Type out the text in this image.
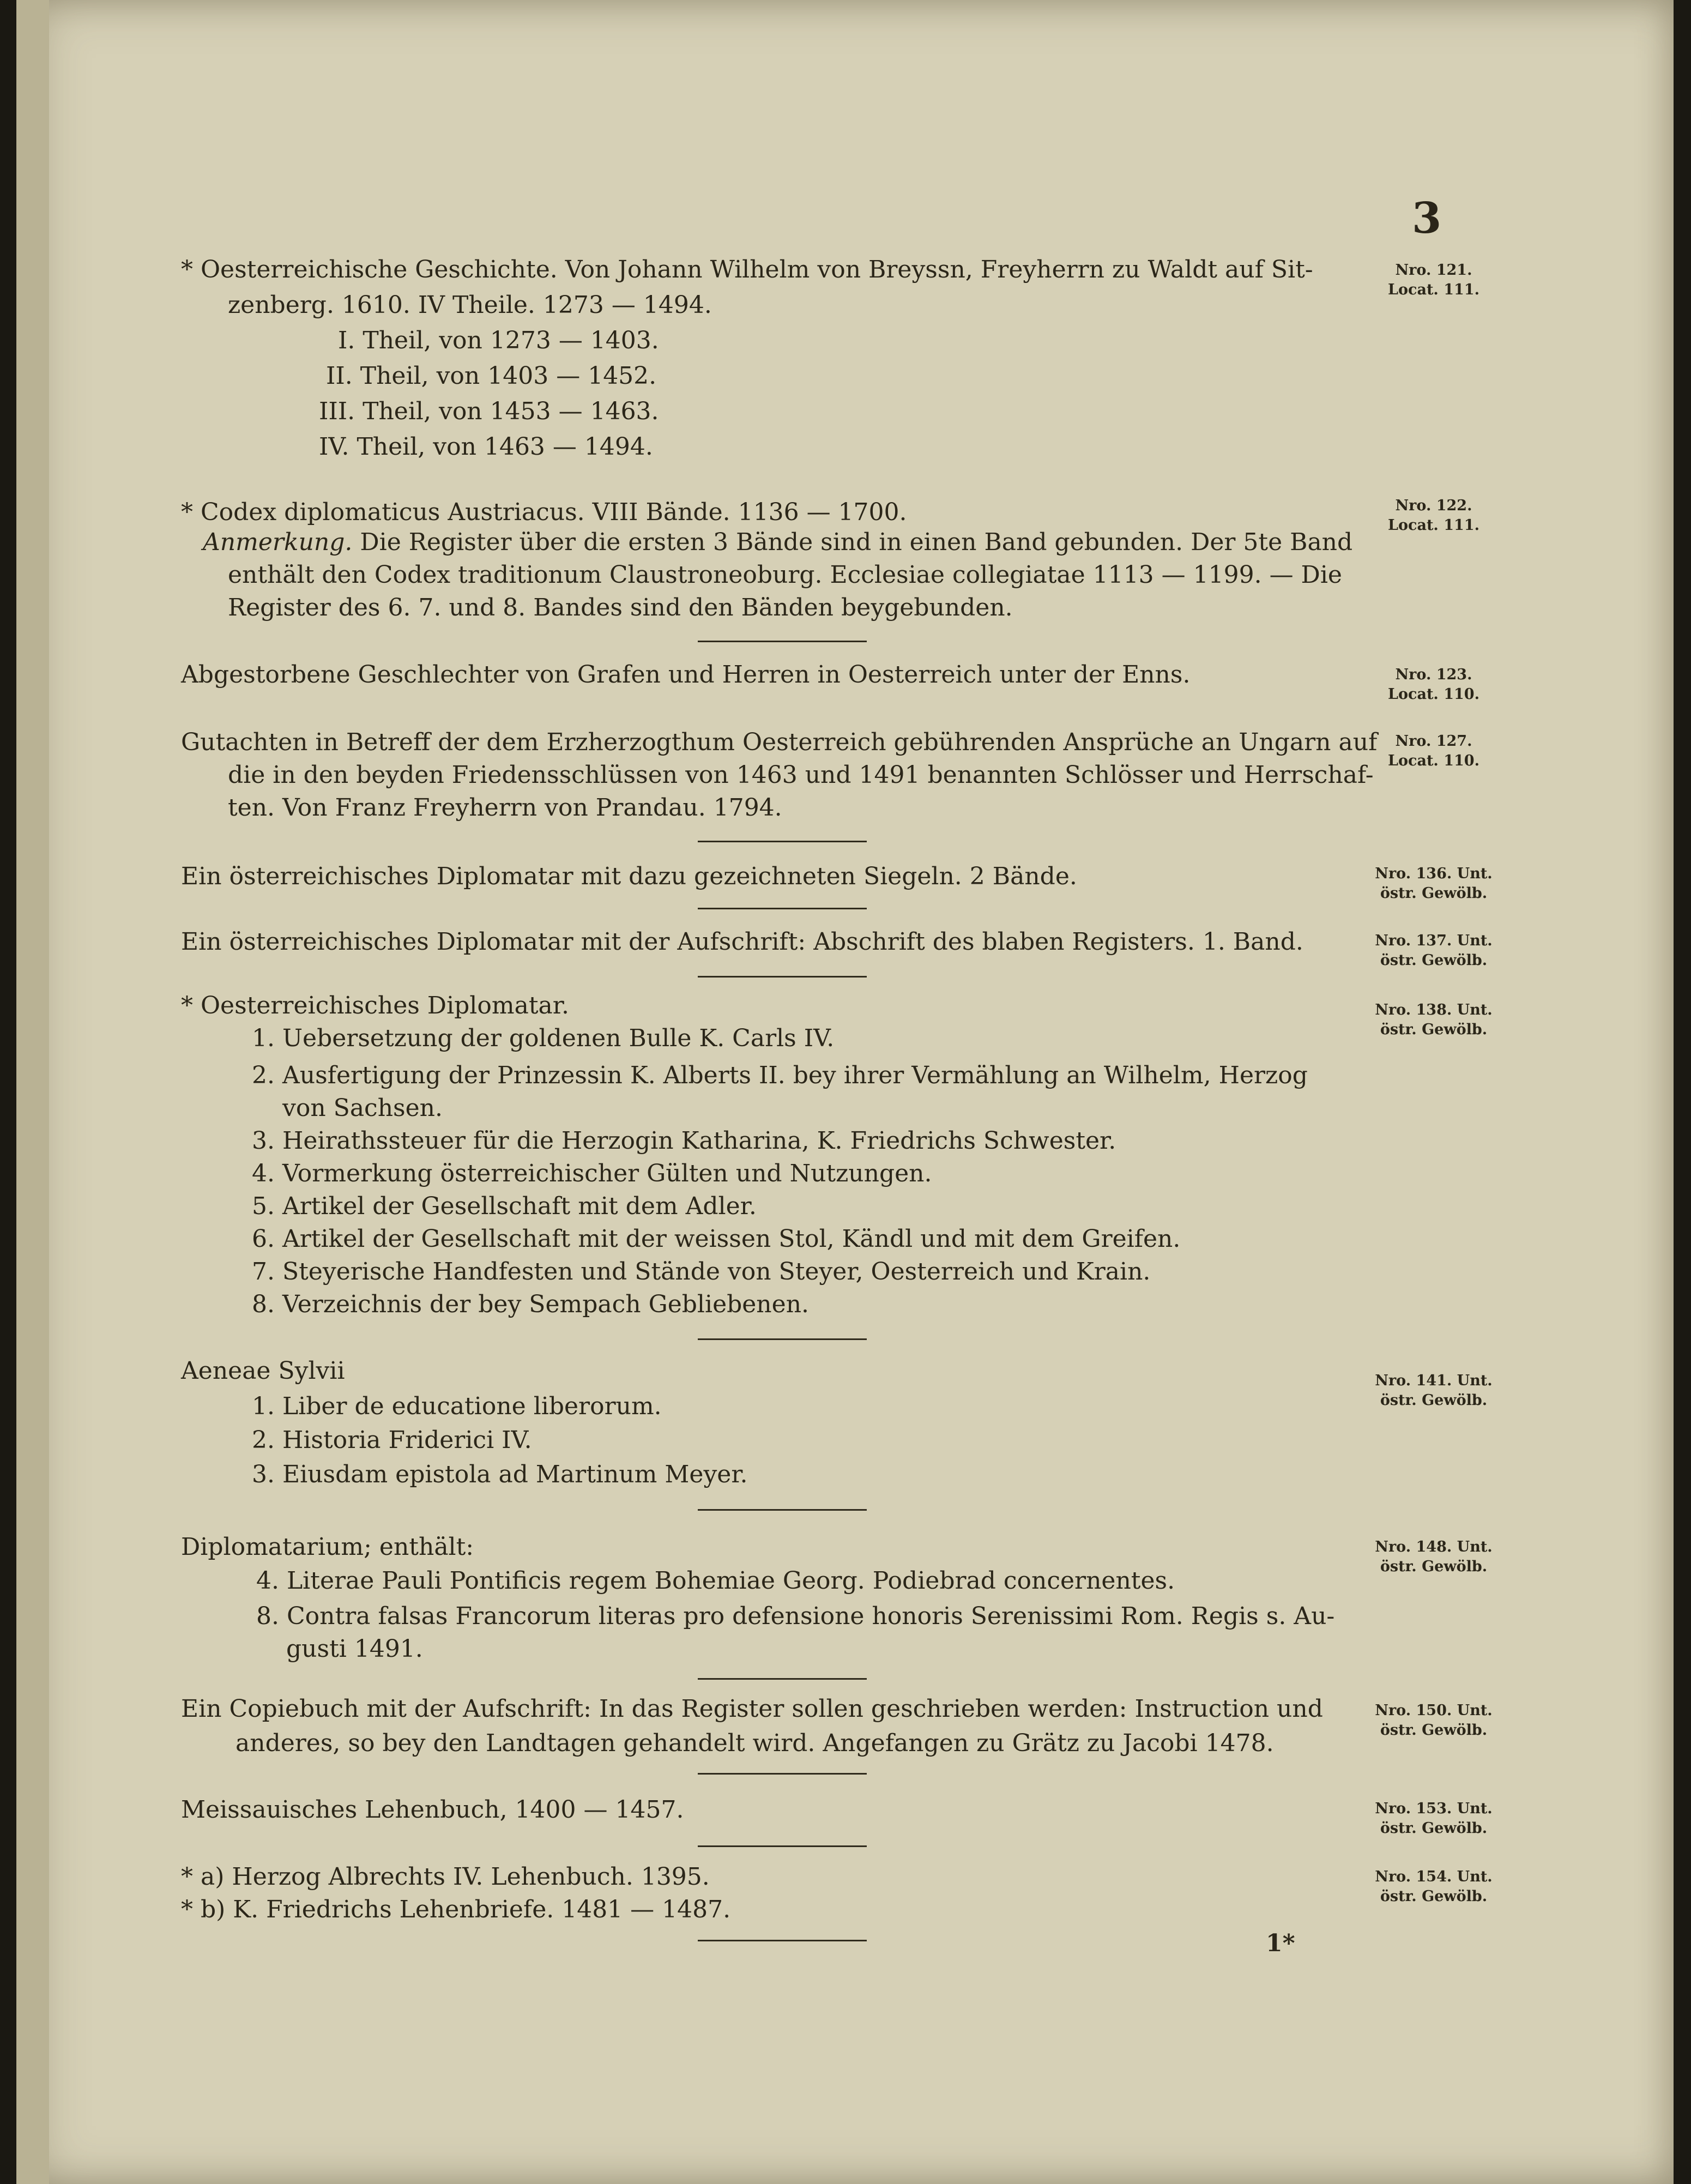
3
* Oesterreichische Geschichte. Von Johann Wilhelm von Breyssn, Freyherrn zu Waldt auf Sit-
zenberg. 1610. IV Theile. 1273 — 1494.
I. Theil, von 1273 — 1403.
II. Theil, von 1403 — 1452.
III. Theil, von 1453 — 1463.
IV. Theil, von 1463 — 1494.
Nro. 121.
Locat. 111.
* Codex diplomaticus Austriacus. VIII Bände. 1136 — 1700.
Anmerkung. Die Register über die ersten 3 Bände sind in einen Band gebunden. Der 5te Band
enthält den Codex traditionum Claustroneoburg. Ecclesiae collegiatae 1113 — 1199. — Die
Register des 6. 7. und 8. Bandes sind den Bänden beygebunden.
Nro. 122.
Locat. 111.
Abgestorbene Geschlechter von Grafen und Herren in Oesterreich unter der Enns.	Nro. 123.
Locat. 110.
Gutachten in Betreff der dem Erzherzogthum Oesterreich gebührenden Ansprüche an Ungarn auf
die in den beyden Friedensschlüssen von 1463 und 1491 benannten Schlösser und Herrschaf-
ten. Von Franz Freyherrn von Prandau. 1794.
Nro. 127.
Locat. 110.
Ein österreichisches Diplomatar mit dazu gezeichneten Siegeln. 2 Bände.	Nro. 136. Unt.
östr. Gewölb.
Ein österreichisches Diplomatar mit der Aufschrift: Abschrift des blaben Registers. 1. Band.	Nro. 137. Unt.
östr. Gewölb.
* Oesterreichisches Diplomatar.
1. Uebersetzung der goldenen Bulle K. Carls IV.
2. Ausfertigung der Prinzessin K. Alberts II. bey ihrer Vermählung an Wilhelm, Herzog
von Sachsen.
3. Heirathssteuer für die Herzogin Katharina, K. Friedrichs Schwester.
4. Vormerkung österreichischer Gülten und Nutzungen.
5. Artikel der Gesellschaft mit dem Adler.
6. Artikel der Gesellschaft mit der weissen Stol, Kändl und mit dem Greifen.
7. Steyerische Handfesten und Stände von Steyer, Oesterreich und Krain.
8. Verzeichnis der bey Sempach Gebliebenen.
Nro. 138. Unt.
östr. Gewölb.
Aeneae Sylvii
1. Liber de educatione liberorum.
2. Historia Friderici IV.
3. Eiusdam epistola ad Martinum Meyer.
Nro. 141. Unt.
östr. Gewölb.
Diplomatarium; enthält:
4. Literae Pauli Pontificis regem Bohemiae Georg. Podiebrad concernentes.
8. Contra falsas Francorum literas pro defensione honoris Serenissimi Rom. Regis s. Au-
gusti 1491.
Nro. 148. Unt.
östr. Gewölb.
Ein Copiebuch mit der Aufschrift: In das Register sollen geschrieben werden: Instruction und
anderes, so bey den Landtagen gehandelt wird. Angefangen zu Grätz zu Jacobi 1478.
Nro. 150. Unt.
östr. Gewölb.
Meissauisches Lehenbuch, 1400 — 1457.	Nro. 153. Unt.
östr. Gewölb.
* a) Herzog Albrechts IV. Lehenbuch. 1395.
* b) K. Friedrichs Lehenbriefe. 1481 — 1487.
Nro. 154. Unt.
östr. Gewölb.
1*
